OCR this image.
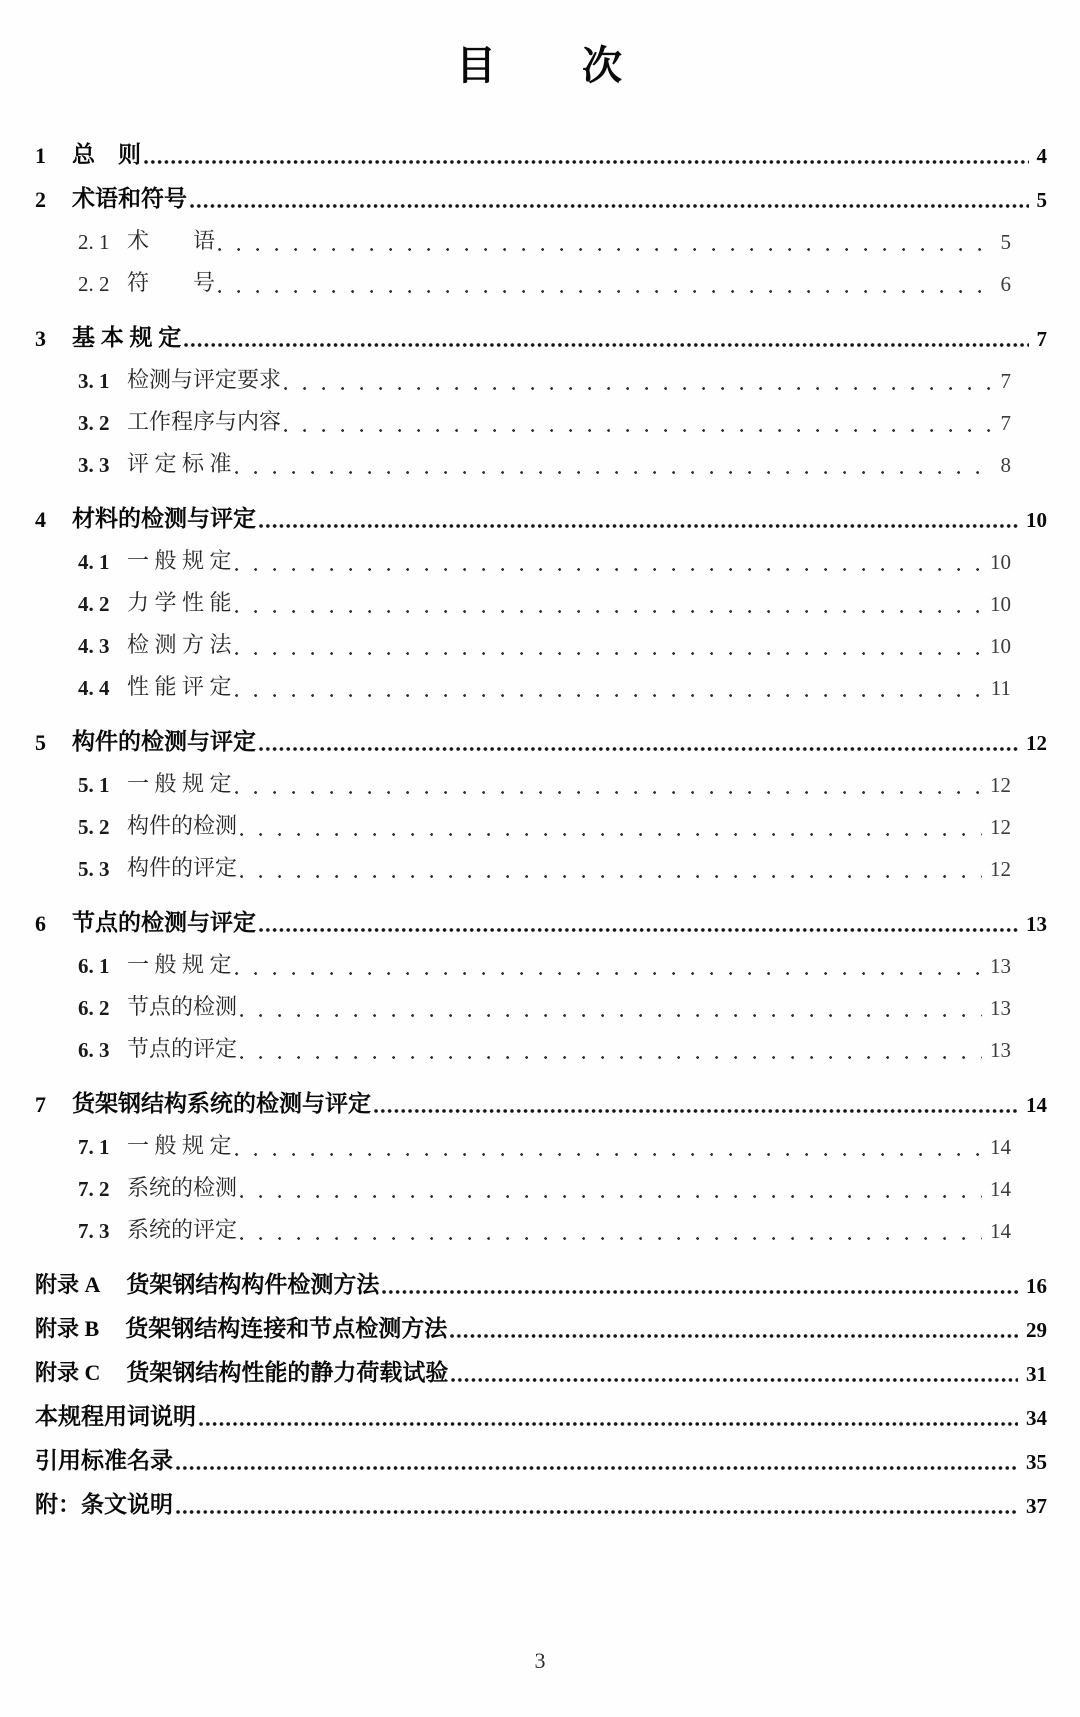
目　　次
1	总　则	4
2	术语和符号	5
2. 1 术　　语	5
2. 2 符　　号	6
3	基 本 规 定	7
3. 1 检测与评定要求	7
3. 2 工作程序与内容	7
3. 3 评 定 标 准	8
4	材料的检测与评定	10
4. 1 一 般 规 定	10
4. 2 力 学 性 能	10
4. 3 检 测 方 法	10
4. 4 性 能 评 定	11
5	构件的检测与评定	12
5. 1 一 般 规 定	12
5. 2 构件的检测	12
5. 3 构件的评定	12
6	节点的检测与评定	13
6. 1 一 般 规 定	13
6. 2 节点的检测	13
6. 3 节点的评定	13
7	货架钢结构系统的检测与评定	14
7. 1 一 般 规 定	14
7. 2 系统的检测	14
7. 3 系统的评定	14
附录 A 货架钢结构构件检测方法	16
附录 B 货架钢结构连接和节点检测方法	29
附录 C 货架钢结构性能的静力荷载试验	31
本规程用词说明	34
引用标准名录	35
附：条文说明	37
3
